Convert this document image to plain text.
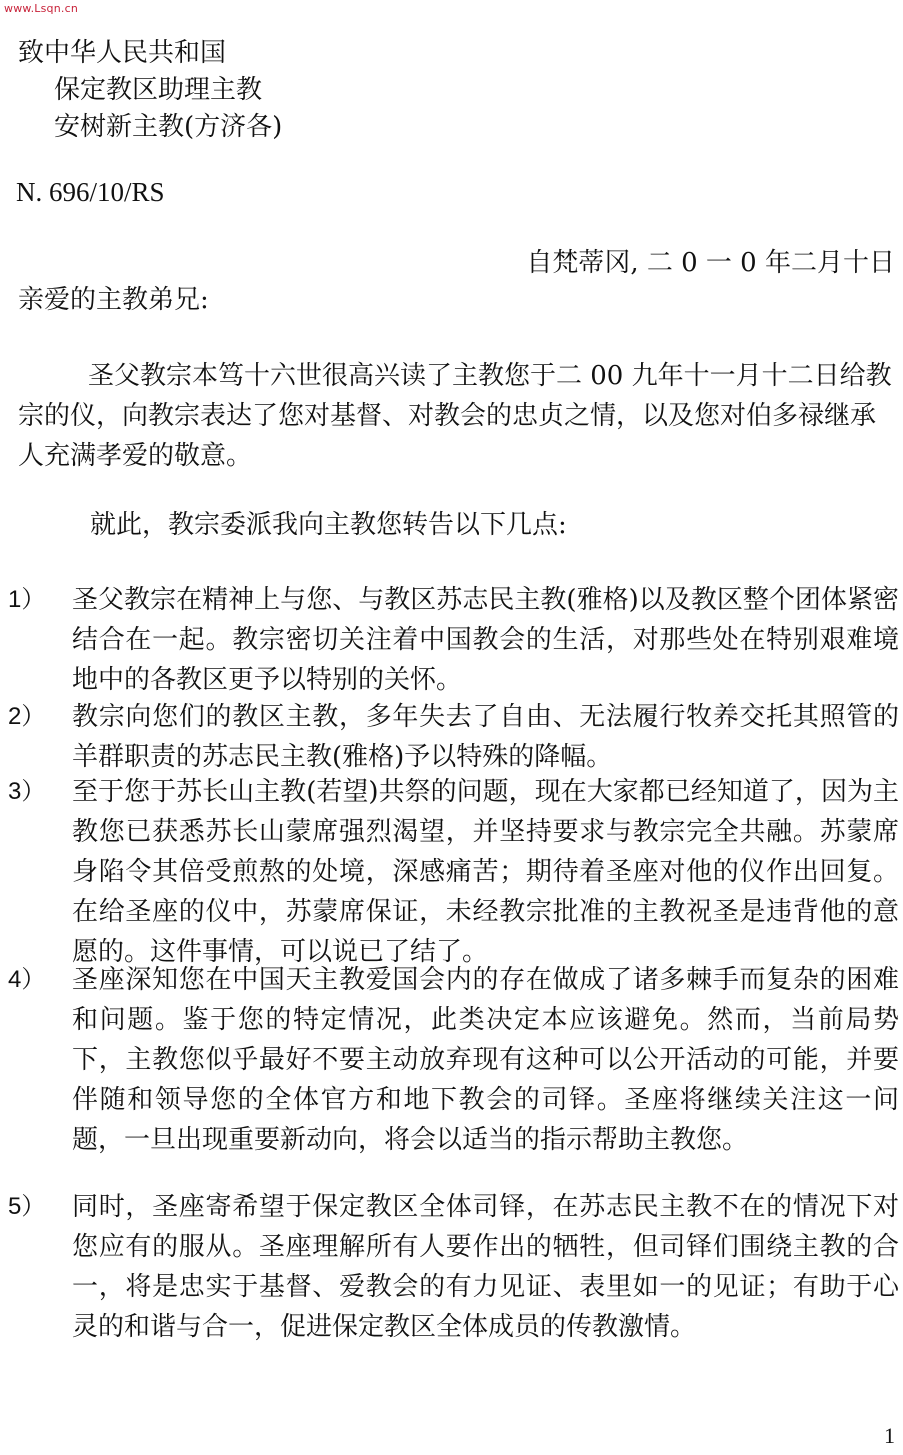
www.Lsqn.cn
致中华人民共和国
保定教区助理主教
安树新主教(方济各)
N. 696/10/RS
自梵蒂冈, 二 0 一 0 年二月十日
亲爱的主教弟兄:
圣父教宗本笃十六世很高兴读了主教您于二 00 九年十一月十二日给教宗的仪，向教宗表达了您对基督、对教会的忠贞之情，以及您对伯多禄继承人充满孝爱的敬意。
就此，教宗委派我向主教您转告以下几点:
1）	圣父教宗在精神上与您、与教区苏志民主教(雅格)以及教区整个团体紧密结合在一起。教宗密切关注着中国教会的生活，对那些处在特别艰难境地中的各教区更予以特别的关怀。
2）	教宗向您们的教区主教，多年失去了自由、无法履行牧养交托其照管的羊群职责的苏志民主教(雅格)予以特殊的降幅。
3）	至于您于苏长山主教(若望)共祭的问题，现在大家都已经知道了，因为主教您已获悉苏长山蒙席强烈渴望，并坚持要求与教宗完全共融。苏蒙席身陷令其倍受煎熬的处境，深感痛苦；期待着圣座对他的仪作出回复。在给圣座的仪中，苏蒙席保证，未经教宗批准的主教祝圣是违背他的意愿的。这件事情，可以说已了结了。
4）	圣座深知您在中国天主教爱国会内的存在做成了诸多棘手而复杂的困难和问题。鉴于您的特定情况，此类决定本应该避免。然而，当前局势下，主教您似乎最好不要主动放弃现有这种可以公开活动的可能，并要伴随和领导您的全体官方和地下教会的司铎。圣座将继续关注这一问题，一旦出现重要新动向，将会以适当的指示帮助主教您。
5）	同时，圣座寄希望于保定教区全体司铎，在苏志民主教不在的情况下对您应有的服从。圣座理解所有人要作出的牺牲，但司铎们围绕主教的合一，将是忠实于基督、爱教会的有力见证、表里如一的见证；有助于心灵的和谐与合一，促进保定教区全体成员的传教激情。
1
